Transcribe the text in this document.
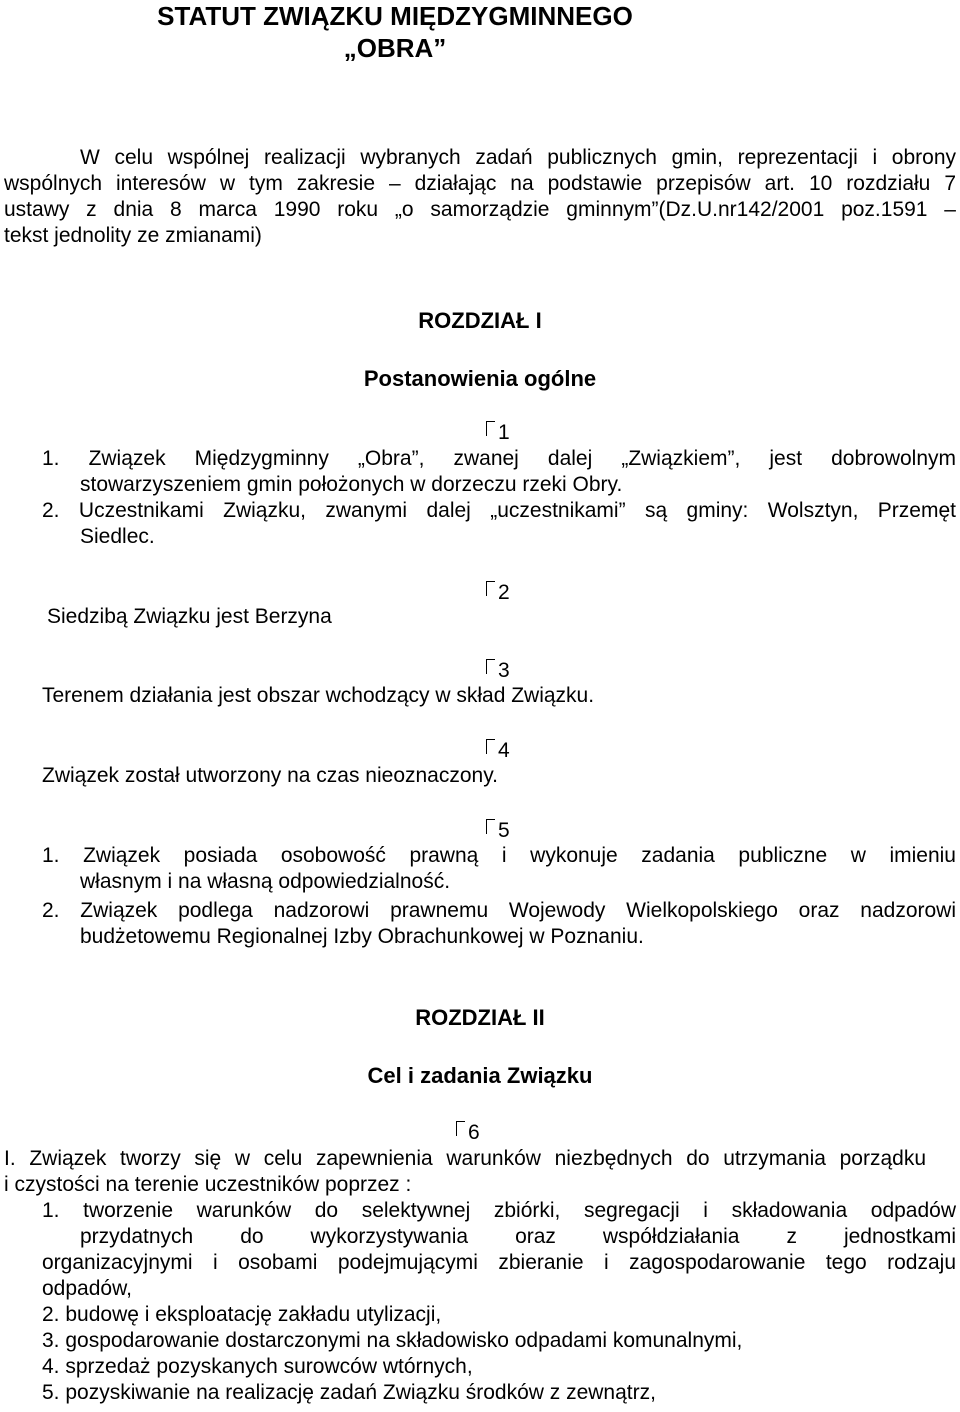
STATUT ZWIĄZKU MIĘDZYGMINNEGO
„OBRA”
W celu wspólnej realizacji wybranych zadań publicznych gmin, reprezentacji i obrony
wspólnych interesów w tym zakresie – działając na podstawie przepisów art. 10 rozdziału 7
ustawy z dnia 8 marca 1990 roku „o samorządzie gminnym”(Dz.U.nr142/2001 poz.1591 –
tekst jednolity ze zmianami)
ROZDZIAŁ I
Postanowienia ogólne
1
1. Związek Międzygminny „Obra”, zwanej dalej „Związkiem”, jest dobrowolnym
stowarzyszeniem gmin położonych w dorzeczu rzeki Obry.
2. Uczestnikami Związku, zwanymi dalej „uczestnikami” są gminy: Wolsztyn, Przemęt
Siedlec.
2
Siedzibą Związku jest Berzyna
3
Terenem działania jest obszar wchodzący w skład Związku.
4
Związek został utworzony na czas nieoznaczony.
5
1. Związek posiada osobowość prawną i wykonuje zadania publiczne w imieniu
własnym i na własną odpowiedzialność.
2. Związek podlega nadzorowi prawnemu Wojewody Wielkopolskiego oraz nadzorowi
budżetowemu Regionalnej Izby Obrachunkowej w Poznaniu.
ROZDZIAŁ II
Cel i zadania Związku
6
I. Związek tworzy się w celu zapewnienia warunków niezbędnych do utrzymania porządku
i czystości na terenie uczestników poprzez :
1. tworzenie warunków do selektywnej zbiórki, segregacji i składowania odpadów
przydatnych do wykorzystywania oraz współdziałania z jednostkami
organizacyjnymi i osobami podejmującymi zbieranie i zagospodarowanie tego rodzaju
odpadów,
2. budowę i eksploatację zakładu utylizacji,
3. gospodarowanie dostarczonymi na składowisko odpadami komunalnymi,
4. sprzedaż pozyskanych surowców wtórnych,
5. pozyskiwanie na realizację zadań Związku środków z zewnątrz,
